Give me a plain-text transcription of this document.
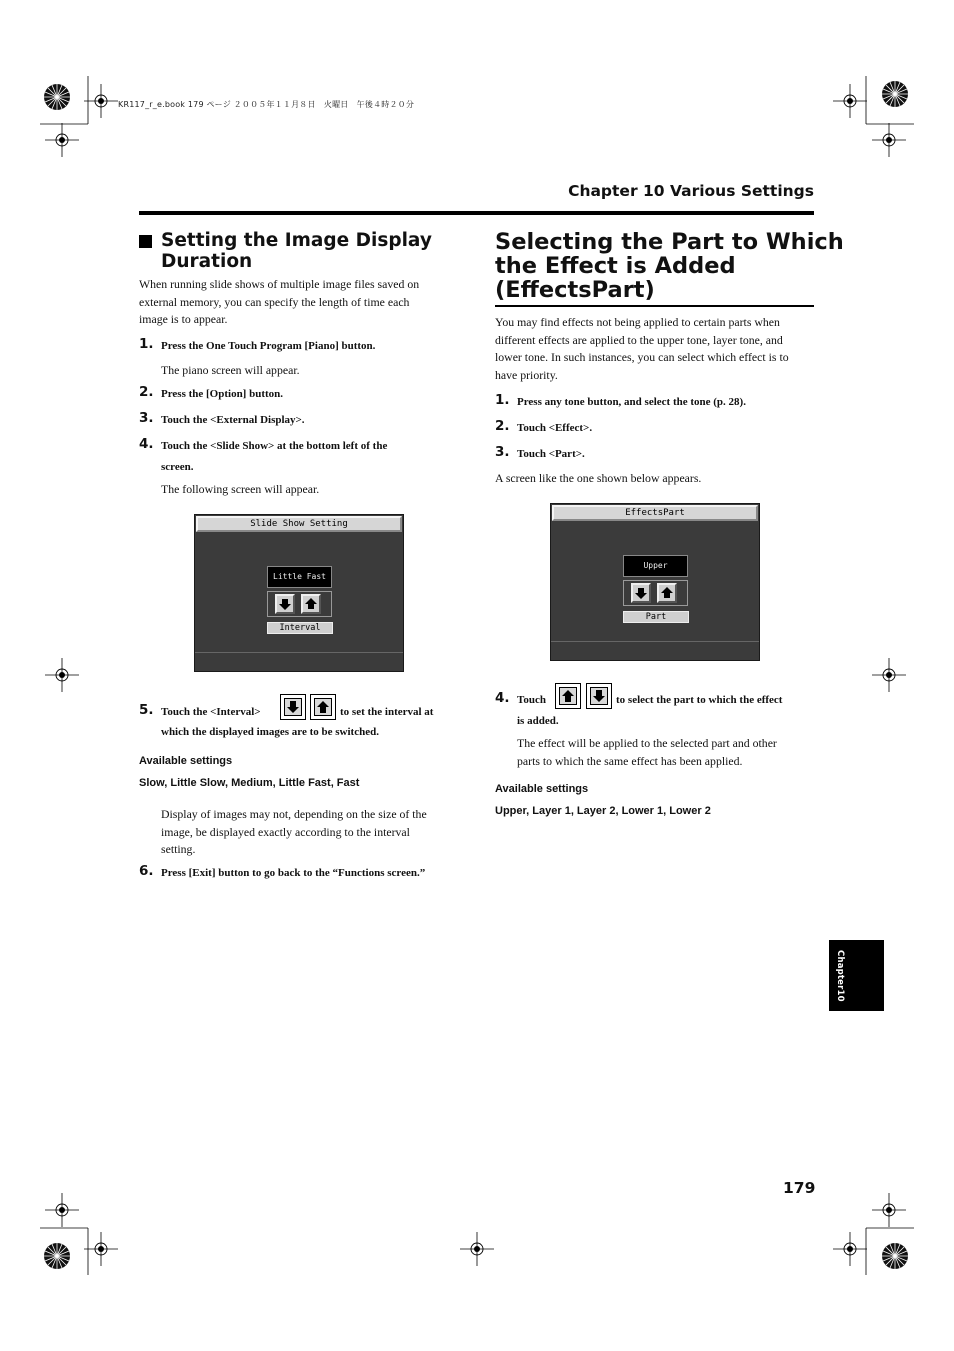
KR117_r_e.book 179 ページ ２００５年１１月８日　火曜日　午後４時２０分
Chapter 10 Various Settings
Setting the Image Display
Duration
When running slide shows of multiple image files saved on
external memory, you can specify the length of time each
image is to appear.
1. Press the One Touch Program [Piano] button.
The piano screen will appear.
2. Press the [Option] button.
3. Touch the <External Display>.
4. Touch the <Slide Show> at the bottom left of the
screen.
The following screen will appear.
Slide Show Setting
Little Fast
Interval
5. Touch the <Interval>	to set the interval at
which the displayed images are to be switched.
Available settings
Slow, Little Slow, Medium, Little Fast, Fast
Display of images may not, depending on the size of the
image, be displayed exactly according to the interval
setting.
6. Press [Exit] button to go back to the “Functions screen.”
Selecting the Part to Which
the Effect is Added
(EffectsPart)
You may find effects not being applied to certain parts when
different effects are applied to the upper tone, layer tone, and
lower tone. In such instances, you can select which effect is to
have priority.
1. Press any tone button, and select the tone (p. 28).
2. Touch <Effect>.
3. Touch <Part>.
A screen like the one shown below appears.
EffectsPart
Upper
Part
4. Touch	to select the part to which the effect
is added.
The effect will be applied to the selected part and other
parts to which the same effect has been applied.
Available settings
Upper, Layer 1, Layer 2, Lower 1, Lower 2
Chapter10
179
